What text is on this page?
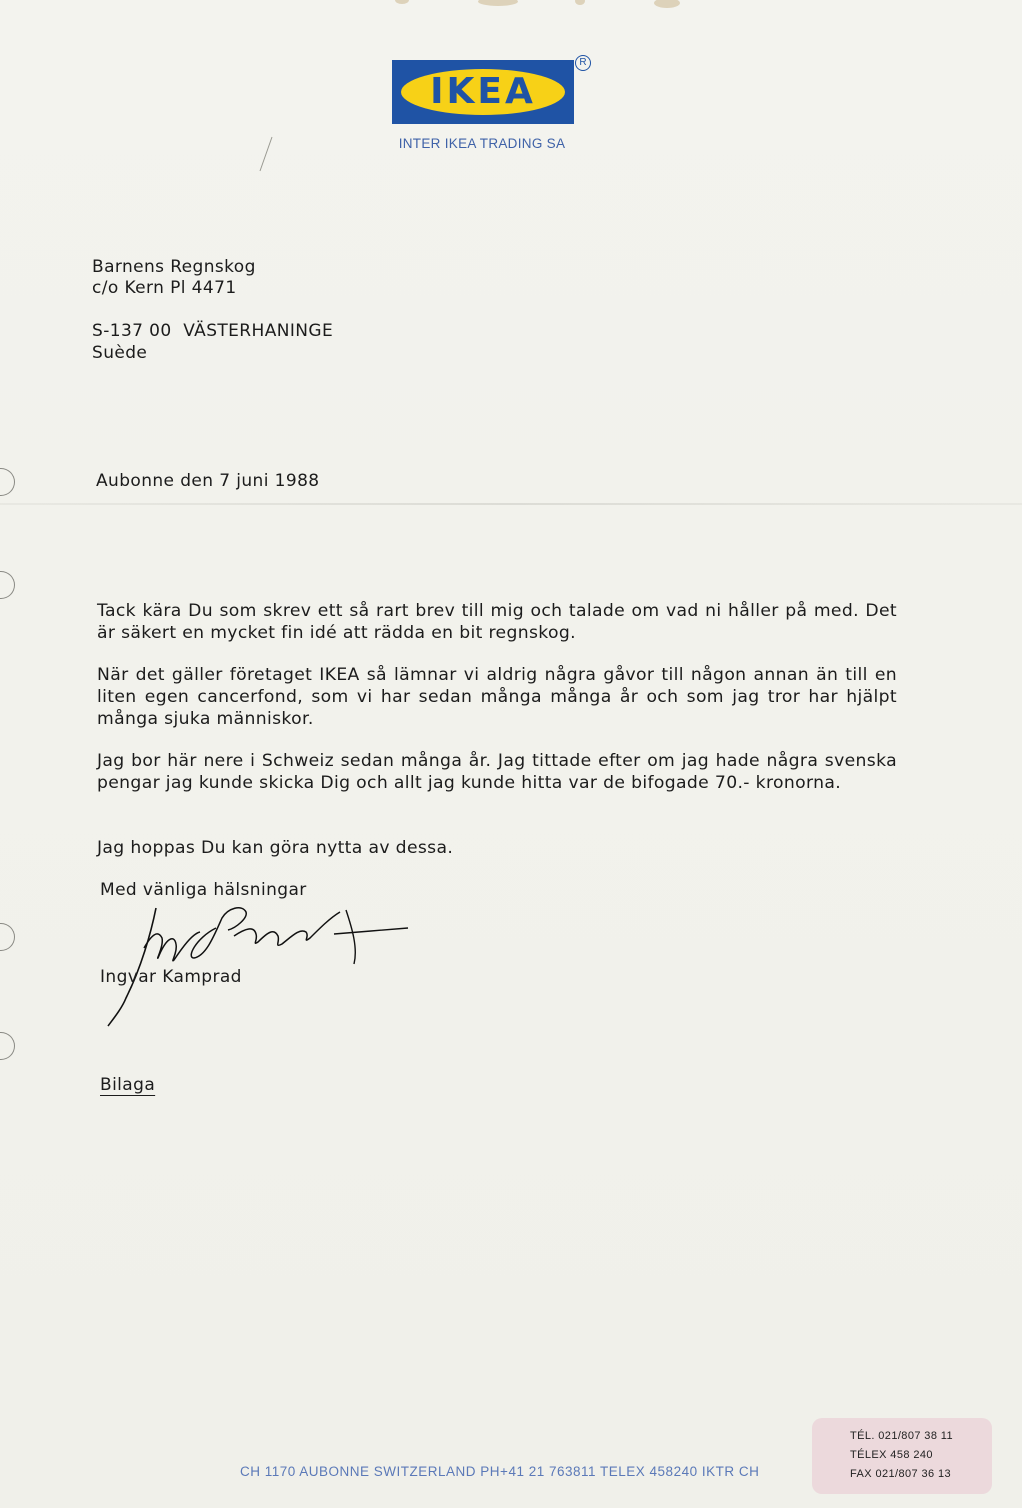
IKEA
R
INTER IKEA TRADING SA
Barnens Regnskog
c/o Kern Pl 4471
S-137 00  VÄSTERHANINGE
Suède
Aubonne den 7 juni 1988

Tack kära Du som skrev ett så rart brev till mig och talade om vad ni håller på med. Det är säkert en mycket fin idé att rädda en bit regnskog.

När det gäller företaget IKEA så lämnar vi aldrig några gåvor till någon annan än till en liten egen cancerfond, som vi har sedan många många år och som jag tror har hjälpt många sjuka människor.

Jag bor här nere i Schweiz sedan många år. Jag tittade efter om jag hade några svenska pengar jag kunde skicka Dig och allt jag kunde hitta var de bifogade 70.- kronorna.

Jag hoppas Du kan göra nytta av dessa.

Med vänliga hälsningar
Ingvar Kamprad
Bilaga
CH 1170 AUBONNE SWITZERLAND PH+41 21 763811 TELEX 458240 IKTR CH
TÉL. 021/807 38 11
TÉLEX 458 240
FAX 021/807 36 13
